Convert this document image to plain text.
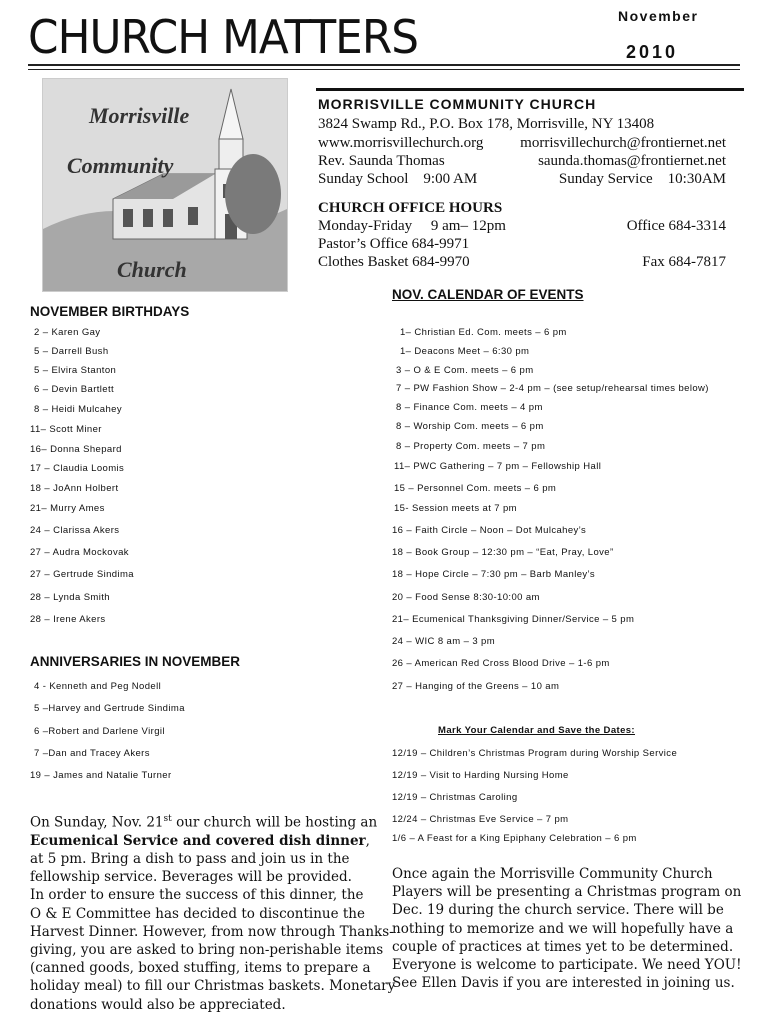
CHURCH MATTERS	November
2010
Morrisville
Community
Church
MORRISVILLE COMMUNITY CHURCH
3824 Swamp Rd., P.O. Box 178, Morrisville, NY 13408
www.morrisvillechurch.org morrisvillechurch@frontiernet.net
Rev. Saunda Thomas	saunda.thomas@frontiernet.net
Sunday School    9:00 AM	Sunday Service    10:30AM
CHURCH OFFICE HOURS
Monday-Friday     9 am– 12pm	Office 684-3314
Pastor’s Office 684-9971
Clothes Basket 684-9970	Fax 684-7817
NOVEMBER BIRTHDAYS
2 – Karen Gay
5 – Darrell Bush
5 – Elvira Stanton
6 – Devin Bartlett
8 – Heidi Mulcahey
11– Scott Miner
16– Donna Shepard
17 – Claudia Loomis
18 – JoAnn Holbert
21– Murry Ames
24 – Clarissa Akers
27 – Audra Mockovak
27 – Gertrude Sindima
28 – Lynda Smith
28 – Irene Akers
ANNIVERSARIES IN NOVEMBER
4 - Kenneth and Peg Nodell
5 –Harvey and Gertrude Sindima
6 –Robert and Darlene Virgil
7 –Dan and Tracey Akers
19 – James and Natalie Turner
NOV. CALENDAR OF EVENTS
1– Christian Ed. Com. meets – 6 pm
1– Deacons Meet – 6:30 pm
3 – O & E Com. meets – 6 pm
7 – PW Fashion Show – 2-4 pm – (see setup/rehearsal times below)
8 – Finance Com. meets – 4 pm
8 – Worship Com. meets – 6 pm
8 – Property Com. meets – 7 pm
11– PWC Gathering – 7 pm – Fellowship Hall
15 – Personnel Com. meets – 6 pm
15- Session meets at 7 pm
16 – Faith Circle – Noon – Dot Mulcahey’s
18 – Book Group – 12:30 pm – “Eat, Pray, Love”
18 – Hope Circle – 7:30 pm – Barb Manley’s
20 – Food Sense 8:30-10:00 am
21– Ecumenical Thanksgiving Dinner/Service – 5 pm
24 – WIC 8 am – 3 pm
26 – American Red Cross Blood Drive – 1-6 pm
27 – Hanging of the Greens – 10 am
Mark Your Calendar and Save the Dates:
12/19 – Children’s Christmas Program during Worship Service
12/19 – Visit to Harding Nursing Home
12/19 – Christmas Caroling
12/24 – Christmas Eve Service – 7 pm
1/6 – A Feast for a King Epiphany Celebration – 6 pm
On Sunday, Nov. 21st our church will be hosting an
Ecumenical Service and covered dish dinner,
at 5 pm. Bring a dish to pass and join us in the
fellowship service. Beverages will be provided.
In order to ensure the success of this dinner, the
O & E Committee has decided to discontinue the
Harvest Dinner. However, from now through Thanks-
giving, you are asked to bring non-perishable items
(canned goods, boxed stuffing, items to prepare a
holiday meal) to fill our Christmas baskets. Monetary
donations would also be appreciated.
Once again the Morrisville Community Church
Players will be presenting a Christmas program on
Dec. 19 during the church service. There will be
nothing to memorize and we will hopefully have a
couple of practices at times yet to be determined.
Everyone is welcome to participate. We need YOU!
See Ellen Davis if you are interested in joining us.
